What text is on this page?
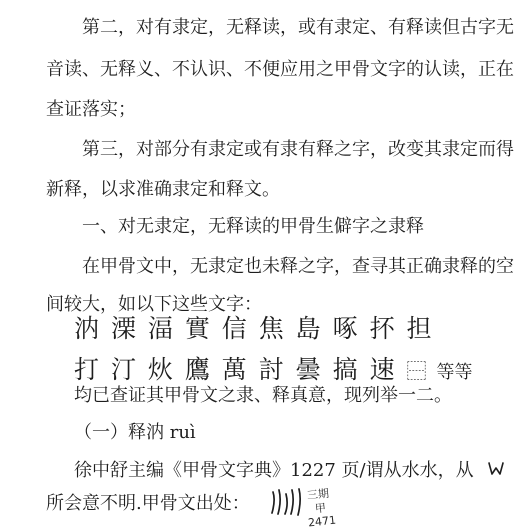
第二，对有隶定，无释读，或有隶定、有释读但古字无
音读、无释义、不认识、不便应用之甲骨文字的认读，正在
查证落实；
第三，对部分有隶定或有隶有释之字，改变其隶定而得
新释，以求准确隶定和释文。
一、对无隶定，无释读的甲骨生僻字之隶释
在甲骨文中，无隶定也未释之字，查寻其正确隶释的空
间较大，如以下这些文字：
汭 溧 湢 實 信 焦 島 啄 抔 担
打 汀 炏 鷹 萬 討 曇 搞 速 ⿱ 等等
均已查证其甲骨文之隶、释真意，现列举一二。
（一）释汭 ruì
徐中舒主编《甲骨文字典》1227 页/谓从水水，从
所会意不明.甲骨文出处：	三期
甲
2471
